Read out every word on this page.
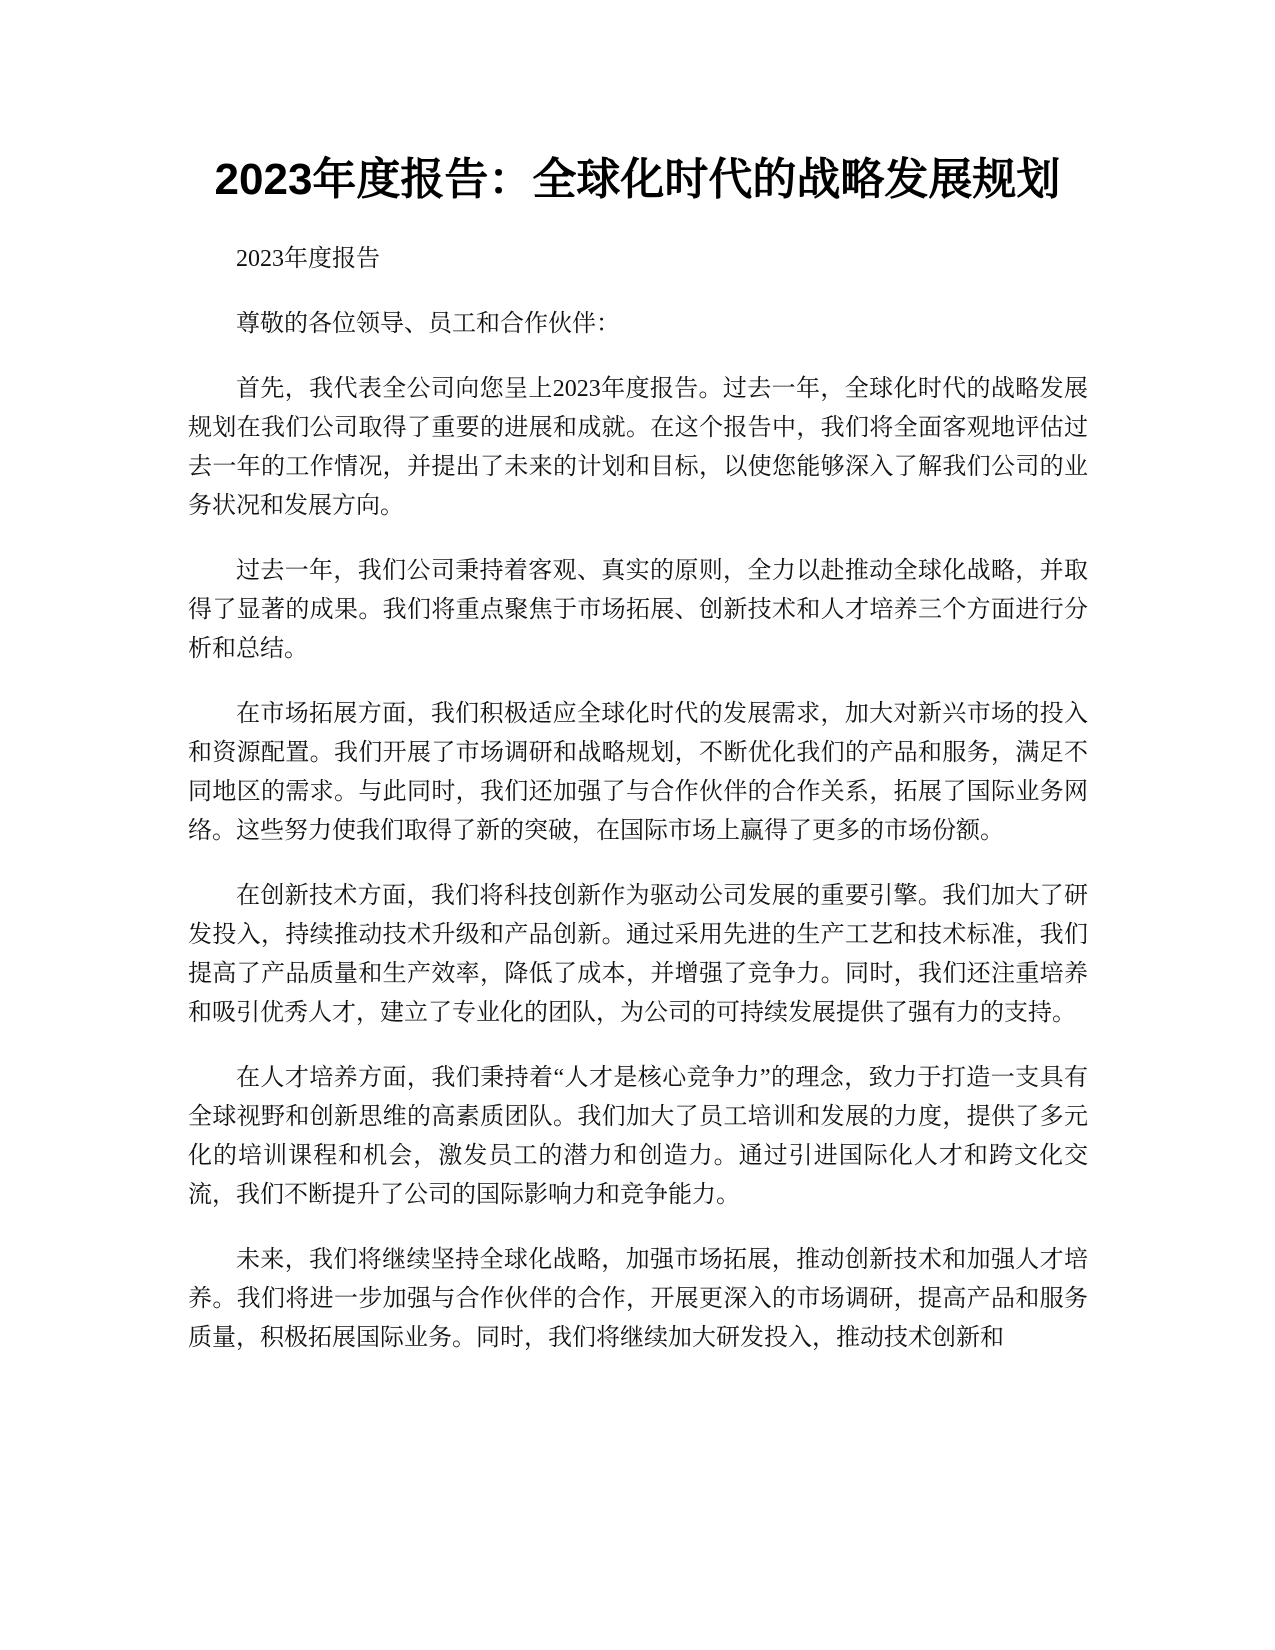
2023年度报告：全球化时代的战略发展规划

2023年度报告

尊敬的各位领导、员工和合作伙伴：

首先，我代表全公司向您呈上2023年度报告。过去一年，全球化时代的战略发展规划在我们公司取得了重要的进展和成就。在这个报告中，我们将全面客观地评估过去一年的工作情况，并提出了未来的计划和目标，以使您能够深入了解我们公司的业务状况和发展方向。

过去一年，我们公司秉持着客观、真实的原则，全力以赴推动全球化战略，并取得了显著的成果。我们将重点聚焦于市场拓展、创新技术和人才培养三个方面进行分析和总结。

在市场拓展方面，我们积极适应全球化时代的发展需求，加大对新兴市场的投入和资源配置。我们开展了市场调研和战略规划，不断优化我们的产品和服务，满足不同地区的需求。与此同时，我们还加强了与合作伙伴的合作关系，拓展了国际业务网络。这些努力使我们取得了新的突破，在国际市场上赢得了更多的市场份额。

在创新技术方面，我们将科技创新作为驱动公司发展的重要引擎。我们加大了研发投入，持续推动技术升级和产品创新。通过采用先进的生产工艺和技术标准，我们提高了产品质量和生产效率，降低了成本，并增强了竞争力。同时，我们还注重培养和吸引优秀人才，建立了专业化的团队，为公司的可持续发展提供了强有力的支持。

在人才培养方面，我们秉持着“人才是核心竞争力”的理念，致力于打造一支具有全球视野和创新思维的高素质团队。我们加大了员工培训和发展的力度，提供了多元化的培训课程和机会，激发员工的潜力和创造力。通过引进国际化人才和跨文化交流，我们不断提升了公司的国际影响力和竞争能力。

未来，我们将继续坚持全球化战略，加强市场拓展，推动创新技术和加强人才培养。我们将进一步加强与合作伙伴的合作，开展更深入的市场调研，提高产品和服务质量，积极拓展国际业务。同时，我们将继续加大研发投入，推动技术创新和
